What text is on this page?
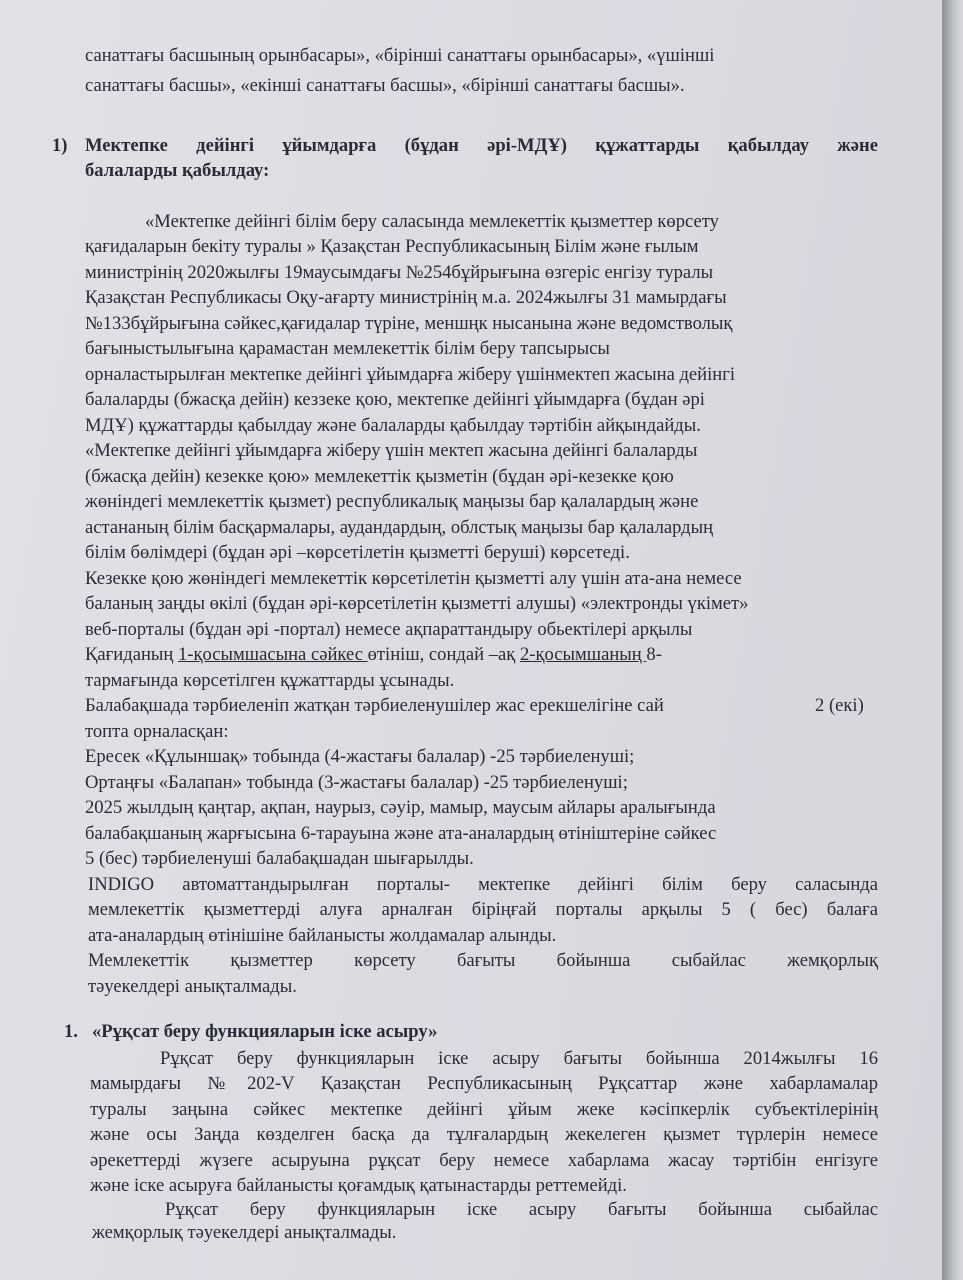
санаттағы басшының орынбасары», «бірінші санаттағы орынбасары», «үшінші
санаттағы басшы», «екінші санаттағы басшы», «бірінші санаттағы басшы».
1) Мектепке дейінгі ұйымдарға (бұдан әрі-МДҰ) құжаттарды қабылдау және
балаларды қабылдау:
«Мектепке дейінгі білім беру саласында мемлекеттік қызметтер көрсету
қағидаларын бекіту туралы » Қазақстан Республикасының Білім және ғылым
министрінің 2020жылғы 19маусымдағы №254бұйрығына өзгеріс енгізу туралы
Қазақстан Республикасы Оқу-ағарту министрінің м.а. 2024жылғы 31 мамырдағы
№133бұйрығына сәйкес,қағидалар түріне, меншңк нысанына және ведомстволық
бағыныстылығына қарамастан мемлекеттік білім беру тапсырысы
орналастырылған мектепке дейінгі ұйымдарға жіберу үшінмектеп жасына дейінгі
балаларды (бжасқа дейін) кеззеке қою, мектепке дейінгі ұйымдарға (бұдан әрі
МДҰ) құжаттарды қабылдау және балаларды қабылдау тәртібін айқындайды.
«Мектепке дейінгі ұйымдарға жіберу үшін мектеп жасына дейінгі балаларды
(бжасқа дейін) кезекке қою» мемлекеттік қызметін (бұдан әрі-кезекке қою
жөніндегі мемлекеттік қызмет) республикалық маңызы бар қалалардың және
астананың білім басқармалары, аудандардың, облстық маңызы бар қалалардың
білім бөлімдері (бұдан әрі –көрсетілетін қызметті беруші) көрсетеді.
Кезекке қою жөніндегі мемлекеттік көрсетілетін қызметті алу үшін ата-ана немесе
баланың заңды өкілі (бұдан әрі-көрсетілетін қызметті алушы) «электронды үкімет»
веб-порталы (бұдан әрі -портал) немесе ақпараттандыру обьектілері арқылы
Қағиданың 1-қосымшасына сәйкес өтініш, сондай –ақ 2-қосымшаның 8-
тармағында көрсетілген құжаттарды ұсынады.
Балабақшада тәрбиеленіп жатқан тәрбиеленушілер жас ерекшелігіне сай	2 (екі)
топта орналасқан:
Ересек «Құлыншақ» тобында (4-жастағы балалар) -25 тәрбиеленуші;
Ортаңғы «Балапан» тобында (3-жастағы балалар) -25 тәрбиеленуші;
2025 жылдың қаңтар, ақпан, наурыз, сәуір, мамыр, маусым айлары аралығында
балабақшаның жарғысына 6-тарауына және ата-аналардың өтініштеріне сәйкес
5 (бес) тәрбиеленуші балабақшадан шығарылды.
INDIGO автоматтандырылған порталы- мектепке дейінгі білім беру саласында
мемлекеттік қызметтерді алуға арналған біріңғай порталы арқылы 5 ( бес) балаға
ата-аналардың өтінішіне байланысты жолдамалар алынды.
Мемлекеттік қызметтер көрсету бағыты бойынша сыбайлас жемқорлық
тәуекелдері анықталмады.
1. «Рұқсат беру функцияларын іске асыру»
Рұқсат беру функцияларын іске асыру бағыты бойынша 2014жылғы 16
мамырдағы №202-V Қазақстан Республикасының Рұқсаттар және хабарламалар
туралы заңына сәйкес мектепке дейінгі ұйым жеке кәсіпкерлік субъектілерінің
және осы Заңда көзделген басқа да тұлғалардың жекелеген қызмет түрлерін немесе
әрекеттерді жүзеге асыруына рұқсат беру немесе хабарлама жасау тәртібін енгізуге
және іске асыруға байланысты қоғамдық қатынастарды реттемейді.
Рұқсат беру функцияларын іске асыру бағыты бойынша сыбайлас
жемқорлық тәуекелдері анықталмады.
